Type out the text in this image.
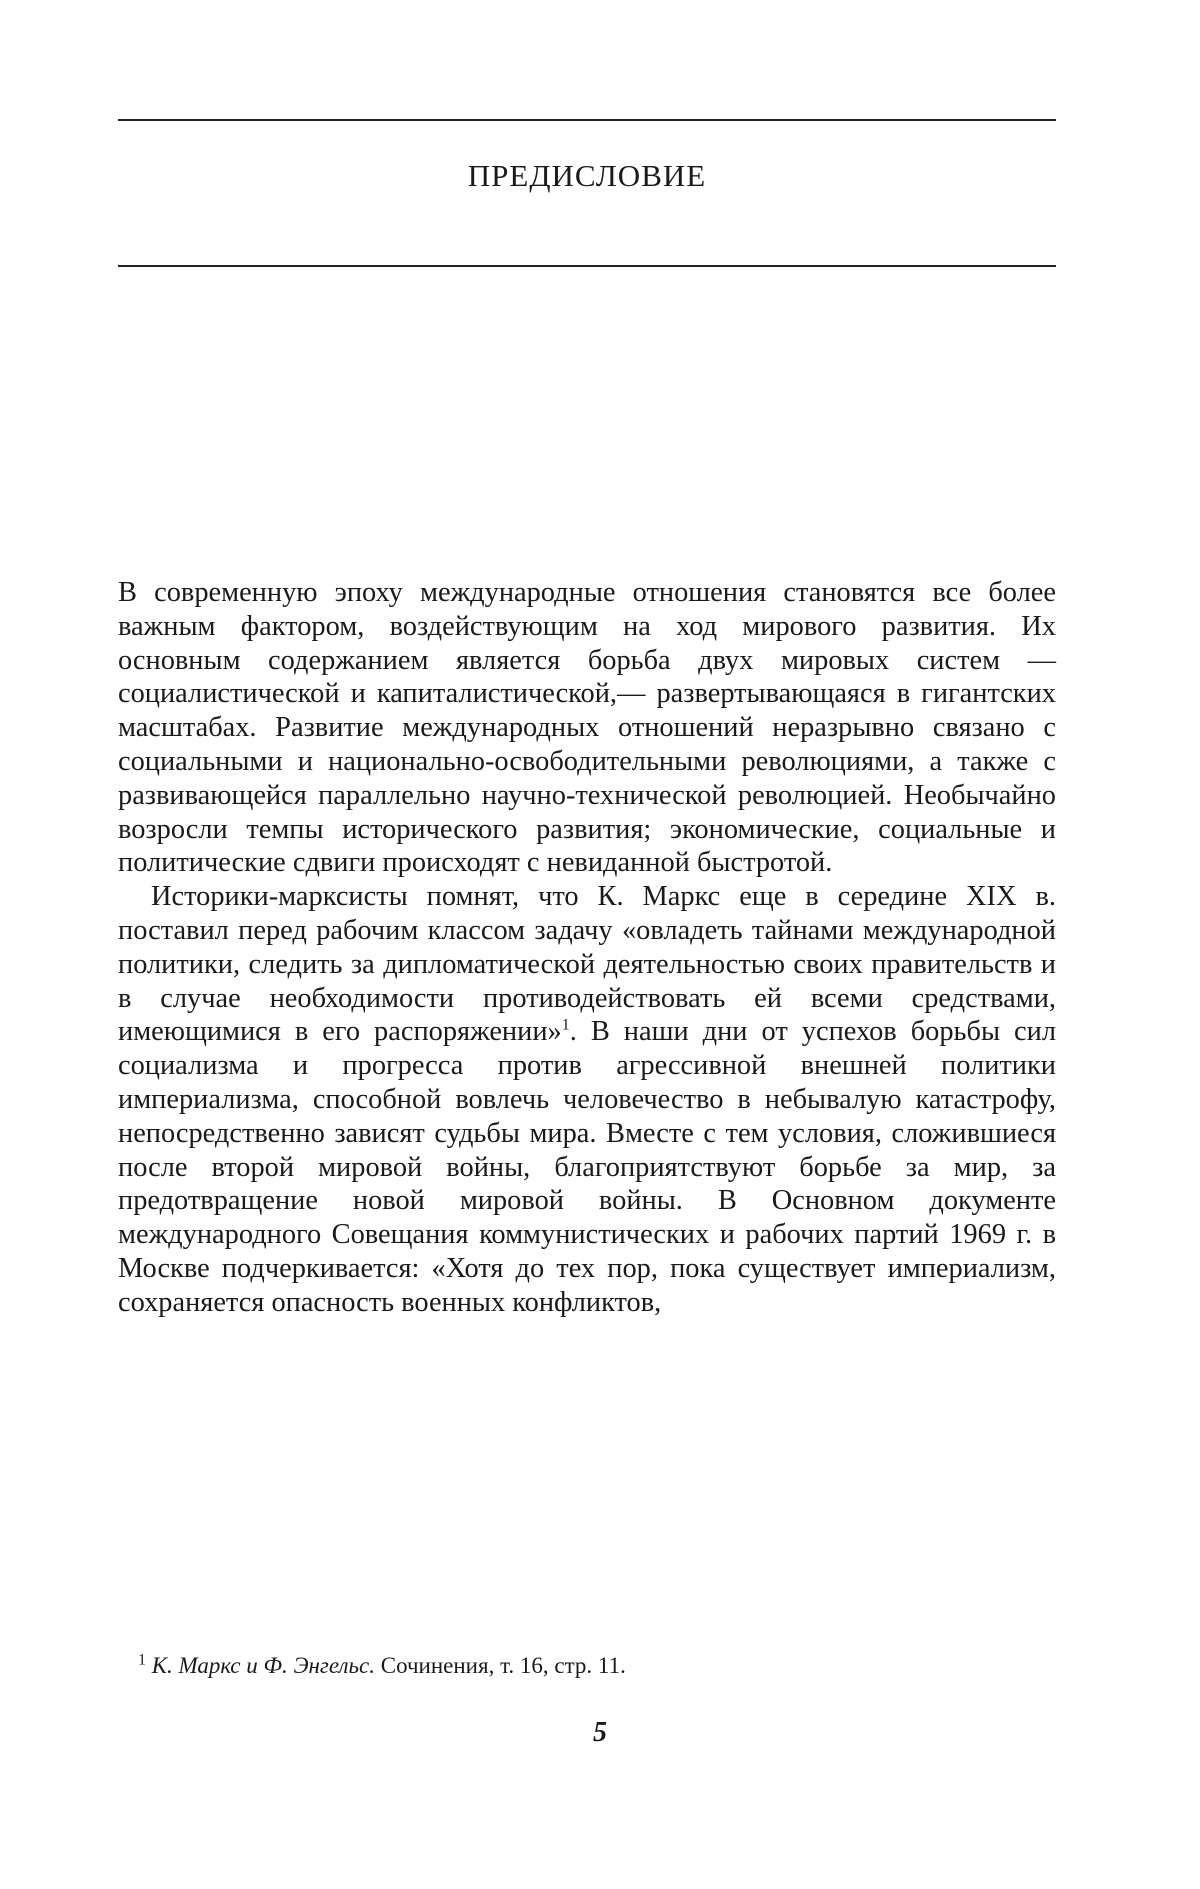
ПРЕДИСЛОВИЕ

В современную эпоху международные отношения становятся все более важным фактором, воздействующим на ход мирового развития. Их основным содержанием является борьба двух мировых систем — социалистической и капиталистической,— развертывающаяся в гигантских масштабах. Развитие международных отношений неразрывно связано с социальными и национально-освободительными революциями, а также с развивающейся параллельно научно-технической революцией. Необычайно возросли темпы исторического развития; экономические, социальные и политические сдвиги происходят с невиданной быстротой.

Историки-марксисты помнят, что К. Маркс еще в середине XIX в. поставил перед рабочим классом задачу «овладеть тайнами международной политики, следить за дипломатической деятельностью своих правительств и в случае необходимости противодействовать ей всеми средствами, имеющимися в его распоряжении»$^1$. В наши дни от успехов борьбы сил социализма и прогресса против агрессивной внешней политики империализма, способной вовлечь человечество в небывалую катастрофу, непосредственно зависят судьбы мира. Вместе с тем условия, сложившиеся после второй мировой войны, благоприятствуют борьбе за мир, за предотвращение новой мировой войны. В Основном документе международного Совещания коммунистических и рабочих партий 1969 г. в Москве подчеркивается: «Хотя до тех пор, пока существует империализм, сохраняется опасность военных конфликтов,

$^1$ К. Маркс и Ф. Энгельс. Сочинения, т. 16, стр. 11.
5
